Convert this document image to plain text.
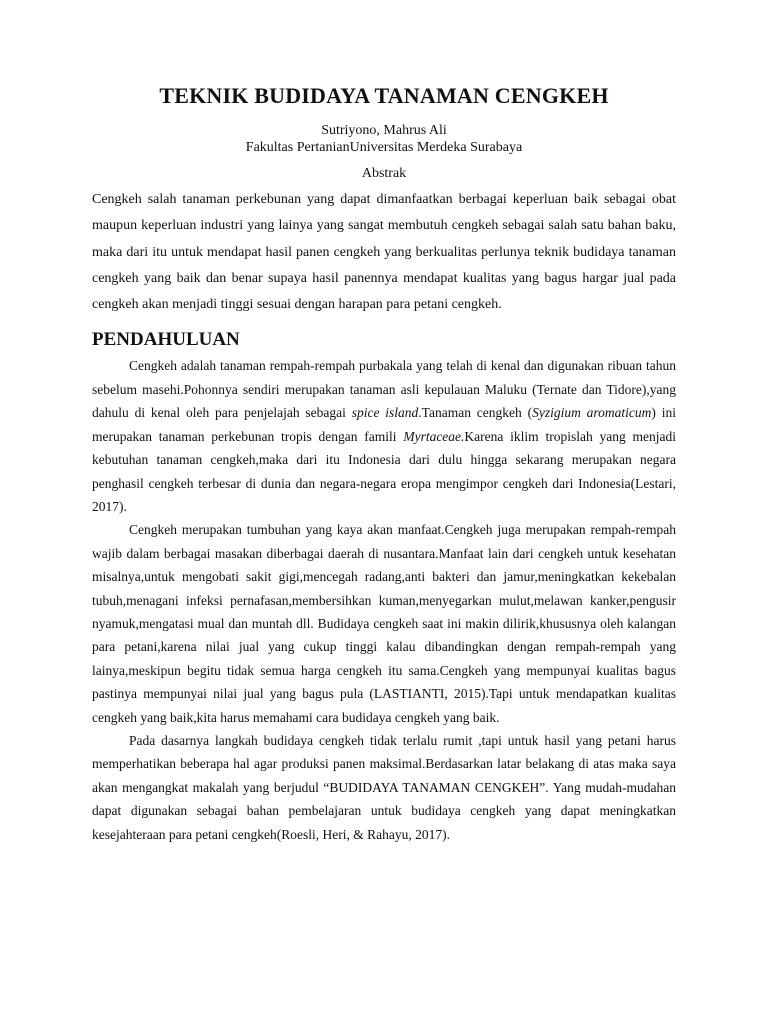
TEKNIK BUDIDAYA TANAMAN CENGKEH
Sutriyono, Mahrus Ali
Fakultas PertanianUniversitas Merdeka Surabaya
Abstrak

Cengkeh salah tanaman perkebunan yang dapat dimanfaatkan berbagai keperluan baik sebagai obat maupun keperluan industri yang lainya yang sangat membutuh cengkeh sebagai salah satu bahan baku, maka dari itu untuk mendapat hasil panen cengkeh yang berkualitas perlunya teknik budidaya tanaman cengkeh yang baik dan benar supaya hasil panennya mendapat kualitas yang bagus hargar jual pada cengkeh akan menjadi tinggi sesuai dengan harapan para petani cengkeh.

PENDAHULUAN

Cengkeh adalah tanaman rempah-rempah purbakala yang telah di kenal dan digunakan ribuan tahun sebelum masehi.Pohonnya sendiri merupakan tanaman asli kepulauan Maluku (Ternate dan Tidore),yang dahulu di kenal oleh para penjelajah sebagai spice island.Tanaman cengkeh (Syzigium aromaticum) ini merupakan tanaman perkebunan tropis dengan famili Myrtaceae.Karena iklim tropislah yang menjadi kebutuhan tanaman cengkeh,maka dari itu Indonesia dari dulu hingga sekarang merupakan negara penghasil cengkeh terbesar di dunia dan negara-negara eropa mengimpor cengkeh dari Indonesia(Lestari, 2017).

Cengkeh merupakan tumbuhan yang kaya akan manfaat.Cengkeh juga merupakan rempah-rempah wajib dalam berbagai masakan diberbagai daerah di nusantara.Manfaat lain dari cengkeh untuk kesehatan misalnya,untuk mengobati sakit gigi,mencegah radang,anti bakteri dan jamur,meningkatkan kekebalan tubuh,menagani infeksi pernafasan,membersihkan kuman,menyegarkan mulut,melawan kanker,pengusir nyamuk,mengatasi mual dan muntah dll. Budidaya cengkeh saat ini makin dilirik,khususnya oleh kalangan para petani,karena nilai jual yang cukup tinggi kalau dibandingkan dengan rempah-rempah yang lainya,meskipun begitu tidak semua harga cengkeh itu sama.Cengkeh yang mempunyai kualitas bagus pastinya mempunyai nilai jual yang bagus pula (LASTIANTI, 2015).Tapi untuk mendapatkan kualitas cengkeh yang baik,kita harus memahami cara budidaya cengkeh yang baik.

Pada dasarnya langkah budidaya cengkeh tidak terlalu rumit ,tapi untuk hasil yang petani harus memperhatikan beberapa hal agar produksi panen maksimal.Berdasarkan latar belakang di atas maka saya akan mengangkat makalah yang berjudul “BUDIDAYA TANAMAN CENGKEH”. Yang mudah-mudahan dapat digunakan sebagai bahan pembelajaran untuk budidaya cengkeh yang dapat meningkatkan kesejahteraan para petani cengkeh(Roesli, Heri, & Rahayu, 2017).
